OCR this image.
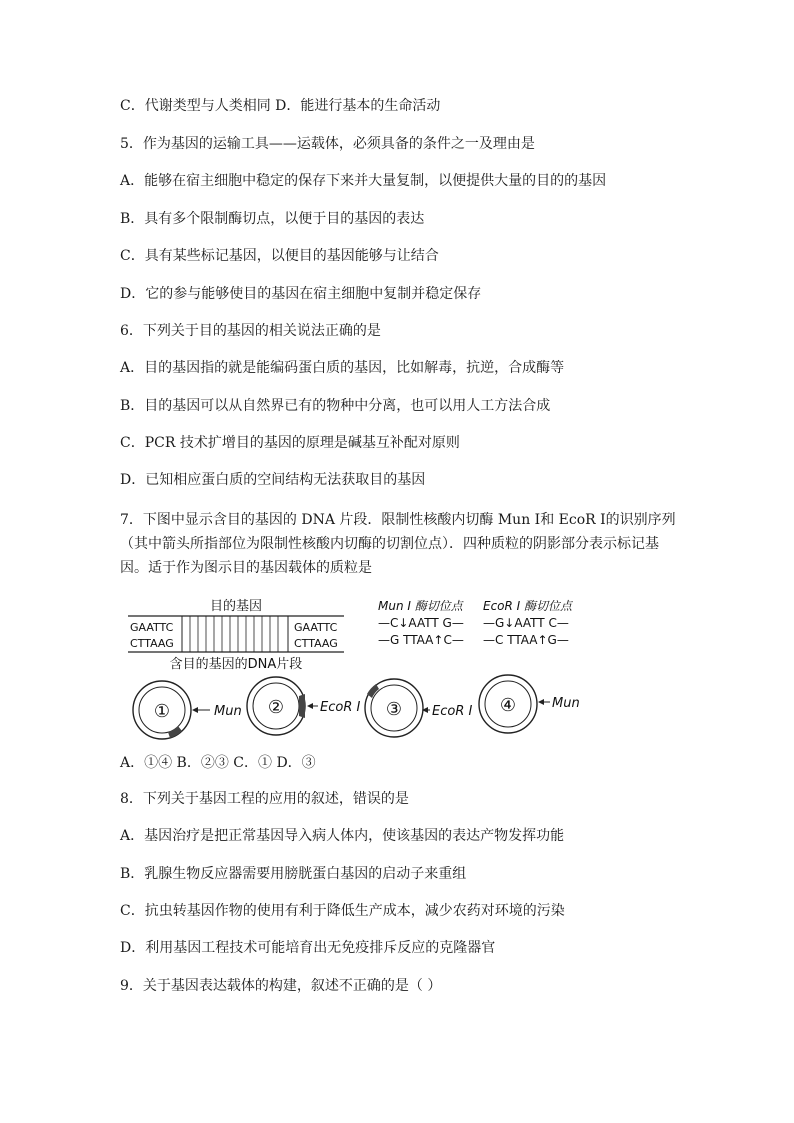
C．代谢类型与人类相同 D．能进行基本的生命活动
5．作为基因的运输工具——运载体，必须具备的条件之一及理由是
A．能够在宿主细胞中稳定的保存下来并大量复制，以便提供大量的目的的基因
B．具有多个限制酶切点，以便于目的基因的表达
C．具有某些标记基因，以便目的基因能够与让结合
D．它的参与能够使目的基因在宿主细胞中复制并稳定保存
6．下列关于目的基因的相关说法正确的是
A．目的基因指的就是能编码蛋白质的基因，比如解毒，抗逆，合成酶等
B．目的基因可以从自然界已有的物种中分离，也可以用人工方法合成
C．PCR 技术扩增目的基因的原理是碱基互补配对原则
D．已知相应蛋白质的空间结构无法获取目的基因
7．下图中显示含目的基因的 DNA 片段．限制性核酸内切酶 Mun I和 EcoR I的识别序列（其中箭头所指部位为限制性核酸内切酶的切割位点）．四种质粒的阴影部分表示标记基因。适于作为图示目的基因载体的质粒是
目的基因
GAATTC
CTTAAG
GAATTC
CTTAAG
含目的基因的DNA片段
Mun I 酶切位点
—C↓AATT G—
—G TTAA↑C—
EcoR I 酶切位点
—G↓AATT C—
—C TTAA↑G—
①	Mun ②	EcoR I ③ EcoR I ④	Mun
A．①④ B．②③ C．① D．③
8．下列关于基因工程的应用的叙述，错误的是
A．基因治疗是把正常基因导入病人体内，使该基因的表达产物发挥功能
B．乳腺生物反应器需要用膀胱蛋白基因的启动子来重组
C．抗虫转基因作物的使用有利于降低生产成本，减少农药对环境的污染
D．利用基因工程技术可能培育出无免疫排斥反应的克隆器官
9．关于基因表达载体的构建，叙述不正确的是（ ）
